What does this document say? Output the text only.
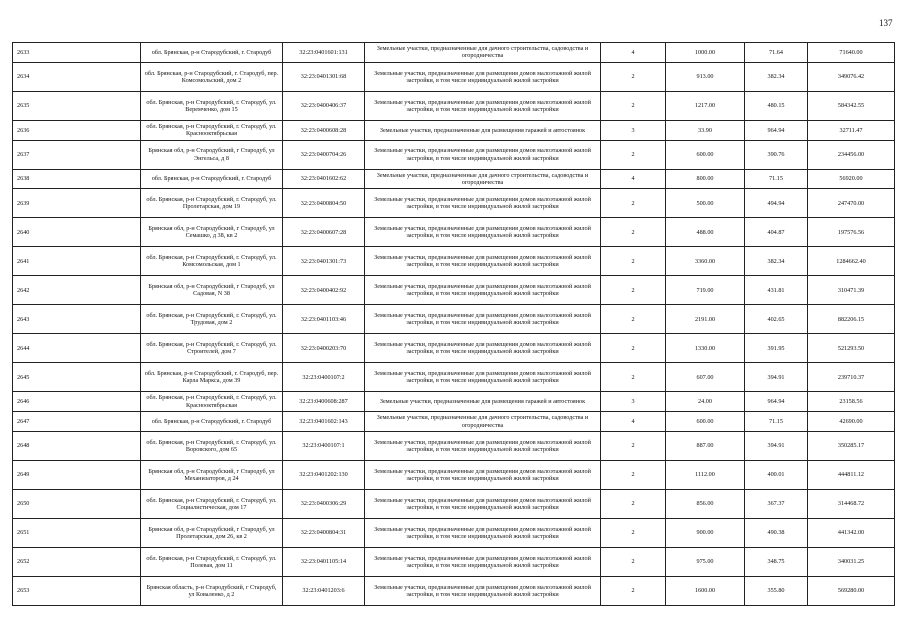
137
2633	обл. Брянская, р-н Стародубский, г. Стародуб	32:23:0401601:131	Земельные участки, предназначенные для дачного строительства, садоводства и огородничества	4	1000.00	71.64	71640.00
2634	обл. Брянская, р-н Стародубский, г. Стародуб, пер. Комсомольский, дом 2	32:23:0401301:68	Земельные участки, предназначенные для размещения домов малоэтажной жилой застройки, в том числе индивидуальной жилой застройки	2	913.00	382.34	349076.42
2635	обл. Брянская, р-н Стародубский, г. Стародуб, ул. Веремченко, дом 15	32:23:0400406:37	Земельные участки, предназначенные для размещения домов малоэтажной жилой застройки, в том числе индивидуальной жилой застройки	2	1217.00	480.15	584342.55
2636	обл. Брянская, р-н Стародубский, г. Стародуб, ул. Краснооктябрьская	32:23:0400608:28	Земельные участки, предназначенные для размещения гаражей и автостоянок	3	33.90	964.94	32711.47
2637	Брянская обл, р-н Стародубский, г Стародуб, ул Энгельса, д 8	32:23:0400704:26	Земельные участки, предназначенные для размещения домов малоэтажной жилой застройки, в том числе индивидуальной жилой застройки	2	600.00	390.76	234456.00
2638	обл. Брянская, р-н Стародубский, г. Стародуб	32:23:0401602:62	Земельные участки, предназначенные для дачного строительства, садоводства и огородничества	4	800.00	71.15	56920.00
2639	обл. Брянская, р-н Стародубский, г. Стародуб, ул. Пролетарская, дом 19	32:23:0400804:50	Земельные участки, предназначенные для размещения домов малоэтажной жилой застройки, в том числе индивидуальной жилой застройки	2	500.00	494.94	247470.00
2640	Брянская обл, р-н Стародубский, г Стародуб, ул Семашко, д 38, кв 2	32:23:0400607:28	Земельные участки, предназначенные для размещения домов малоэтажной жилой застройки, в том числе индивидуальной жилой застройки	2	488.00	404.87	197576.56
2641	обл. Брянская, р-н Стародубский, г. Стародуб, ул. Комсомольская, дом 1	32:23:0401301:73	Земельные участки, предназначенные для размещения домов малоэтажной жилой застройки, в том числе индивидуальной жилой застройки	2	3360.00	382.34	1284662.40
2642	Брянская обл, р-н Стародубский, г Стародуб, ул Садовая, N 38	32:23:0400402:92	Земельные участки, предназначенные для размещения домов малоэтажной жилой застройки, в том числе индивидуальной жилой застройки	2	719.00	431.81	310471.39
2643	обл. Брянская, р-н Стародубский, г. Стародуб, ул. Трудовая, дом 2	32:23:0401103:46	Земельные участки, предназначенные для размещения домов малоэтажной жилой застройки, в том числе индивидуальной жилой застройки	2	2191.00	402.65	882206.15
2644	обл. Брянская, р-н Стародубский, г. Стародуб, ул. Строителей, дом 7	32:23:0400203:70	Земельные участки, предназначенные для размещения домов малоэтажной жилой застройки, в том числе индивидуальной жилой застройки	2	1330.00	391.95	521293.50
2645	обл. Брянская, р-н Стародубский, г. Стародуб, пер. Карла Маркса, дом 39	32:23:0400107:2	Земельные участки, предназначенные для размещения домов малоэтажной жилой застройки, в том числе индивидуальной жилой застройки	2	607.00	394.91	239710.37
2646	обл. Брянская, р-н Стародубский, г. Стародуб, ул. Краснооктябрьская	32:23:0400608:287	Земельные участки, предназначенные для размещения гаражей и автостоянок	3	24.00	964.94	23158.56
2647	обл. Брянская, р-н Стародубский, г. Стародуб	32:23:0401602:143	Земельные участки, предназначенные для дачного строительства, садоводства и огородничества	4	600.00	71.15	42690.00
2648	обл. Брянская, р-н Стародубский, г. Стародуб, ул. Воровского, дом 65	32:23:0400107:1	Земельные участки, предназначенные для размещения домов малоэтажной жилой застройки, в том числе индивидуальной жилой застройки	2	887.00	394.91	350285.17
2649	Брянская обл, р-н Стародубский, г Стародуб, ул Механизаторов, д 24	32:23:0401202:130	Земельные участки, предназначенные для размещения домов малоэтажной жилой застройки, в том числе индивидуальной жилой застройки	2	1112.00	400.01	444811.12
2650	обл. Брянская, р-н Стародубский, г. Стародуб, ул. Социалистическая, дом 17	32:23:0400306:29	Земельные участки, предназначенные для размещения домов малоэтажной жилой застройки, в том числе индивидуальной жилой застройки	2	856.00	367.37	314468.72
2651	Брянская обл, р-н Стародубский, г Стародуб, ул Пролетарская, дом 26, кв 2	32:23:0400804:31	Земельные участки, предназначенные для размещения домов малоэтажной жилой застройки, в том числе индивидуальной жилой застройки	2	900.00	490.38	441342.00
2652	обл. Брянская, р-н Стародубский, г. Стародуб, ул. Полевая, дом 11	32:23:0401105:14	Земельные участки, предназначенные для размещения домов малоэтажной жилой застройки, в том числе индивидуальной жилой застройки	2	975.00	348.75	340031.25
2653	Брянская область, р-н Стародубский, г Стародуб, ул Коваленко, д 2	32:23:0401203:6	Земельные участки, предназначенные для размещения домов малоэтажной жилой застройки, в том числе индивидуальной жилой застройки	2	1600.00	355.80	569280.00
